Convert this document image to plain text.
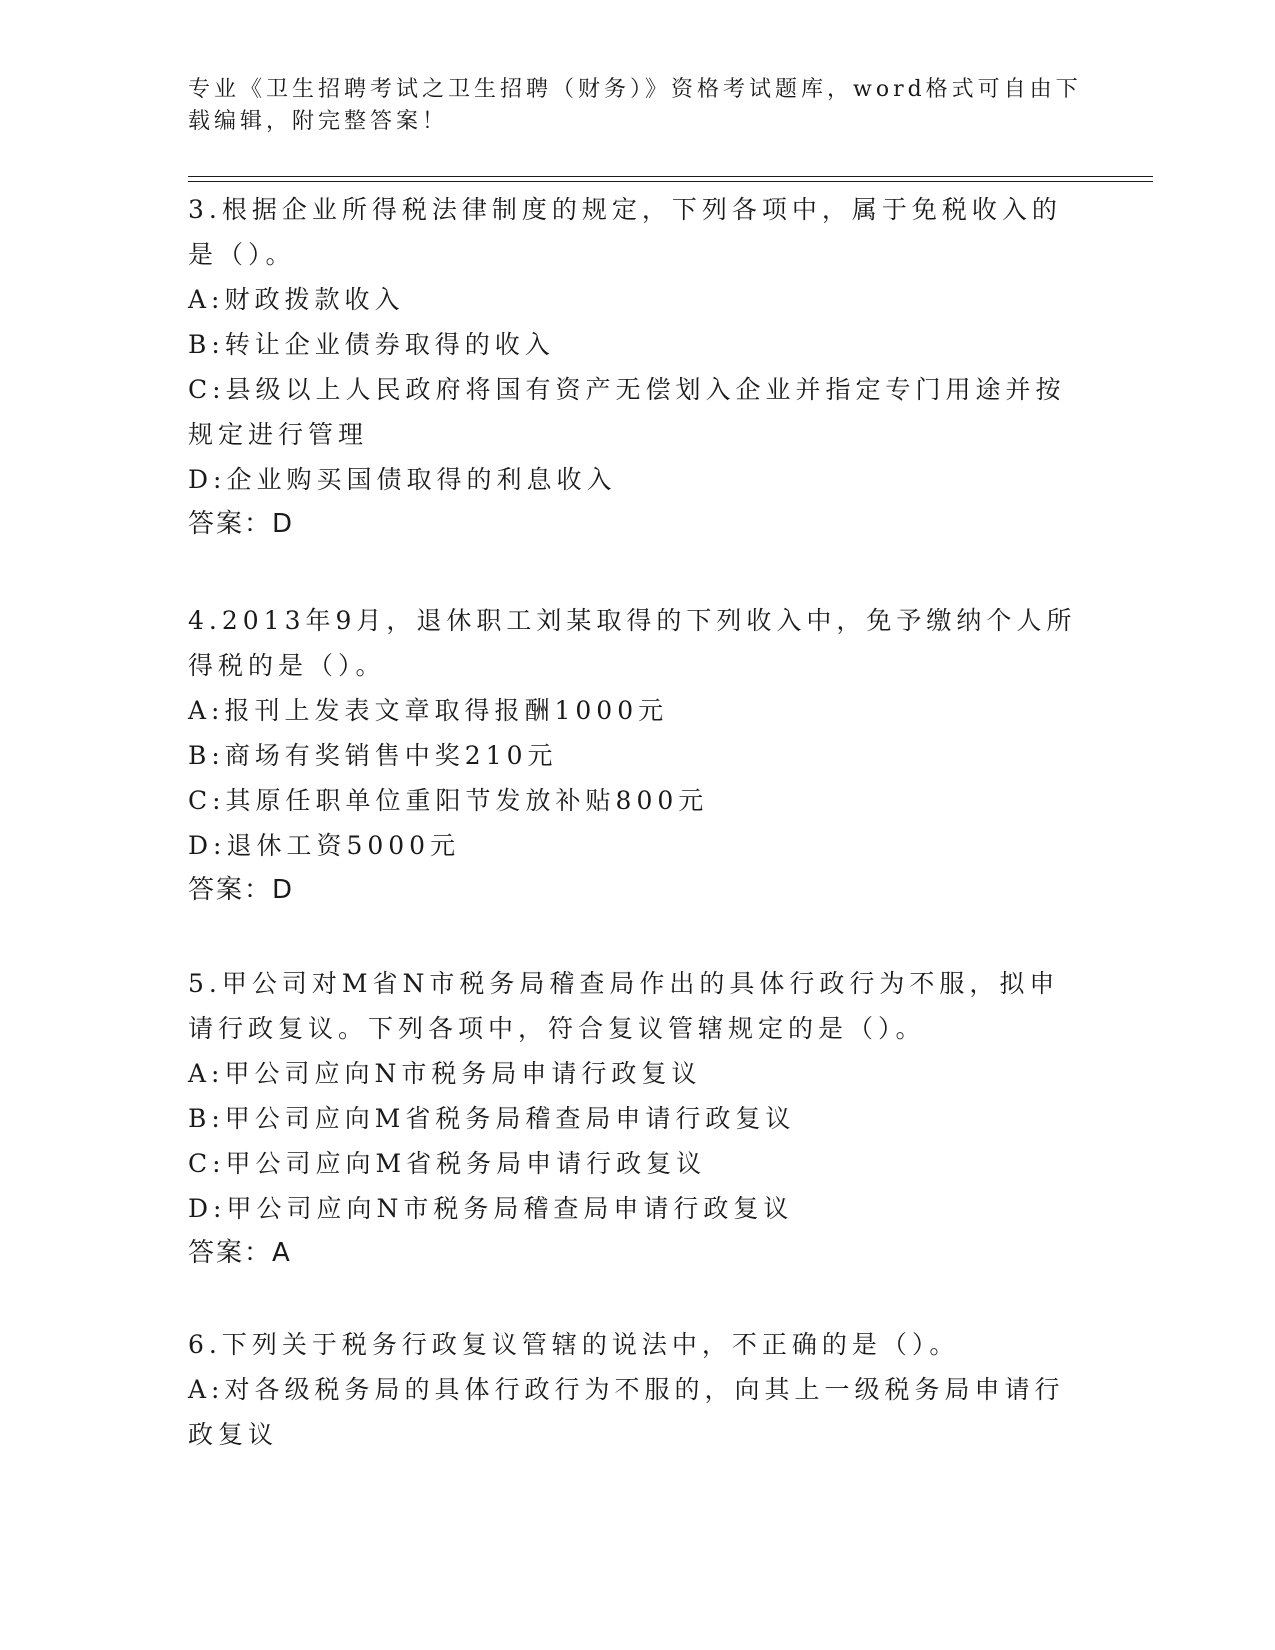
专业《卫生招聘考试之卫生招聘（财务）》资格考试题库，word格式可自由下载编辑，附完整答案！
3.根据企业所得税法律制度的规定，下列各项中，属于免税收入的是（）。
A:财政拨款收入
B:转让企业债券取得的收入
C:县级以上人民政府将国有资产无偿划入企业并指定专门用途并按规定进行管理
D:企业购买国债取得的利息收入
答案：D
4.2013年9月，退休职工刘某取得的下列收入中，免予缴纳个人所得税的是（）。
A:报刊上发表文章取得报酬1000元
B:商场有奖销售中奖210元
C:其原任职单位重阳节发放补贴800元
D:退休工资5000元
答案：D
5.甲公司对M省N市税务局稽查局作出的具体行政行为不服，拟申请行政复议。下列各项中，符合复议管辖规定的是（）。
A:甲公司应向N市税务局申请行政复议
B:甲公司应向M省税务局稽查局申请行政复议
C:甲公司应向M省税务局申请行政复议
D:甲公司应向N市税务局稽查局申请行政复议
答案：A
6.下列关于税务行政复议管辖的说法中，不正确的是（）。
A:对各级税务局的具体行政行为不服的，向其上一级税务局申请行政复议
